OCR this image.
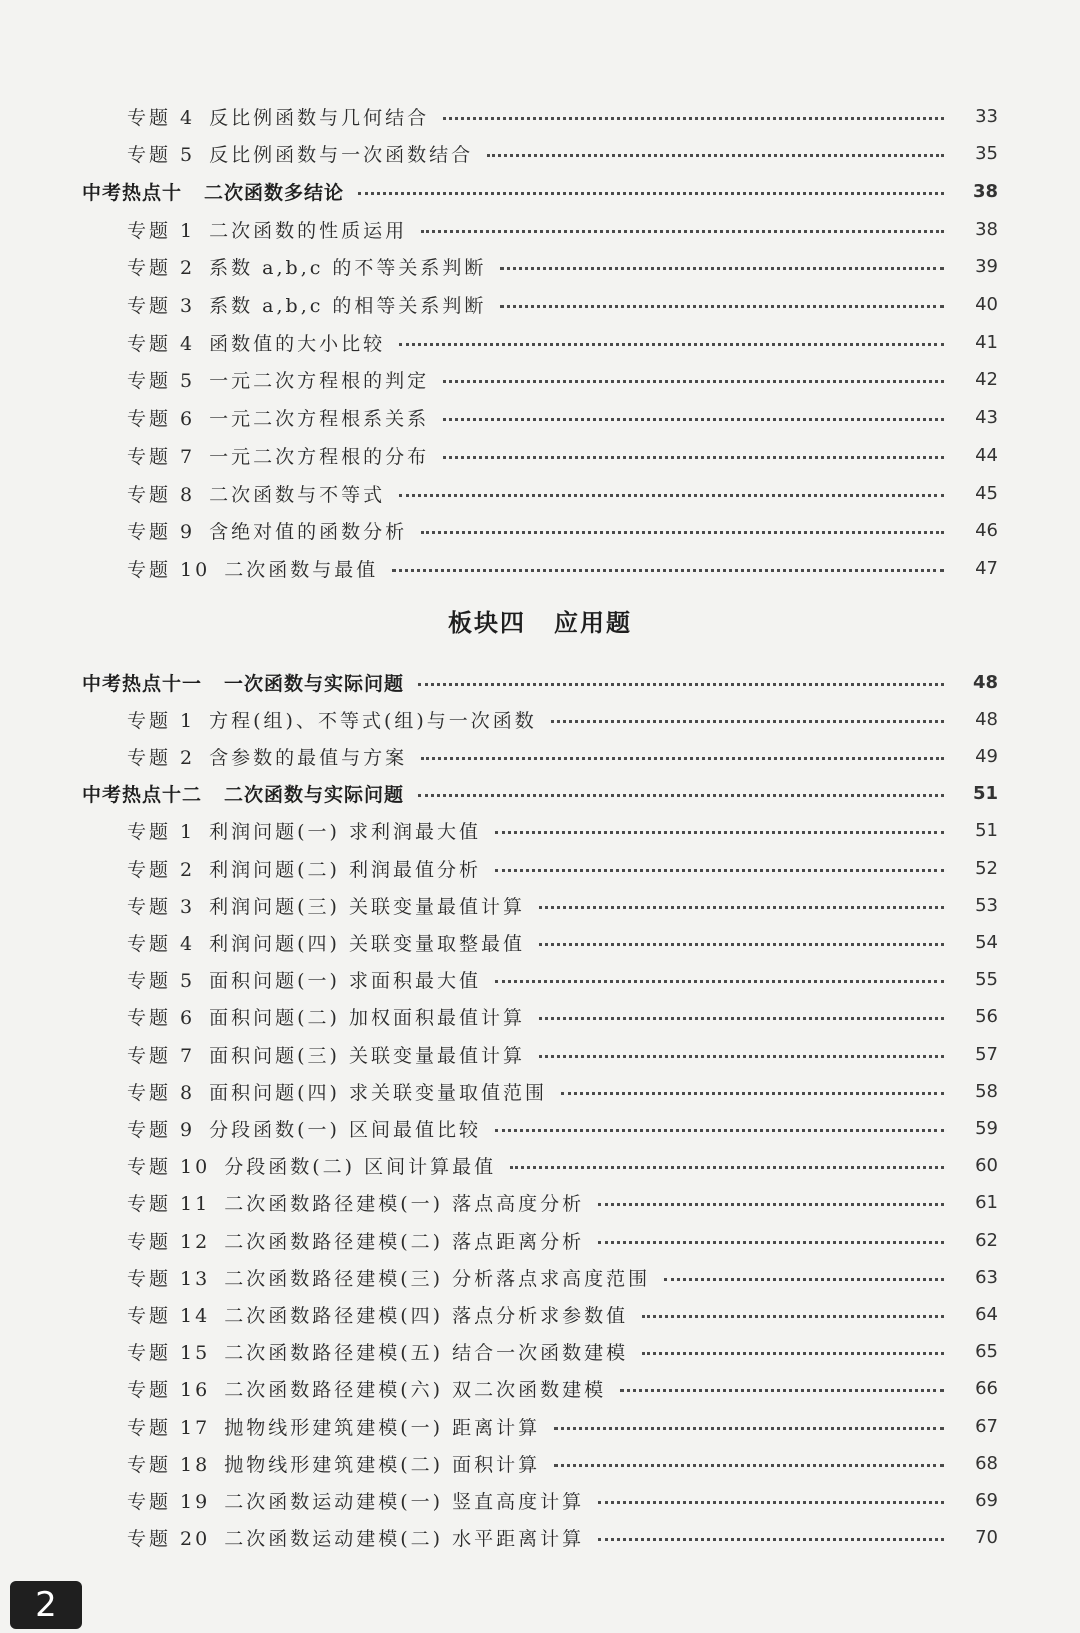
专题 4 反比例函数与几何结合	33
专题 5 反比例函数与一次函数结合	35
中考热点十 二次函数多结论	38
专题 1 二次函数的性质运用	38
专题 2 系数 a,b,c 的不等关系判断	39
专题 3 系数 a,b,c 的相等关系判断	40
专题 4 函数值的大小比较	41
专题 5 一元二次方程根的判定	42
专题 6 一元二次方程根系关系	43
专题 7 一元二次方程根的分布	44
专题 8 二次函数与不等式	45
专题 9 含绝对值的函数分析	46
专题 10 二次函数与最值	47
板块四 应用题
中考热点十一 一次函数与实际问题	48
专题 1 方程(组)、不等式(组)与一次函数	48
专题 2 含参数的最值与方案	49
中考热点十二 二次函数与实际问题	51
专题 1 利润问题(一) 求利润最大值	51
专题 2 利润问题(二) 利润最值分析	52
专题 3 利润问题(三) 关联变量最值计算	53
专题 4 利润问题(四) 关联变量取整最值	54
专题 5 面积问题(一) 求面积最大值	55
专题 6 面积问题(二) 加权面积最值计算	56
专题 7 面积问题(三) 关联变量最值计算	57
专题 8 面积问题(四) 求关联变量取值范围	58
专题 9 分段函数(一) 区间最值比较	59
专题 10 分段函数(二) 区间计算最值	60
专题 11 二次函数路径建模(一) 落点高度分析	61
专题 12 二次函数路径建模(二) 落点距离分析	62
专题 13 二次函数路径建模(三) 分析落点求高度范围	63
专题 14 二次函数路径建模(四) 落点分析求参数值	64
专题 15 二次函数路径建模(五) 结合一次函数建模	65
专题 16 二次函数路径建模(六) 双二次函数建模	66
专题 17 抛物线形建筑建模(一) 距离计算	67
专题 18 抛物线形建筑建模(二) 面积计算	68
专题 19 二次函数运动建模(一) 竖直高度计算	69
专题 20 二次函数运动建模(二) 水平距离计算	70
2
